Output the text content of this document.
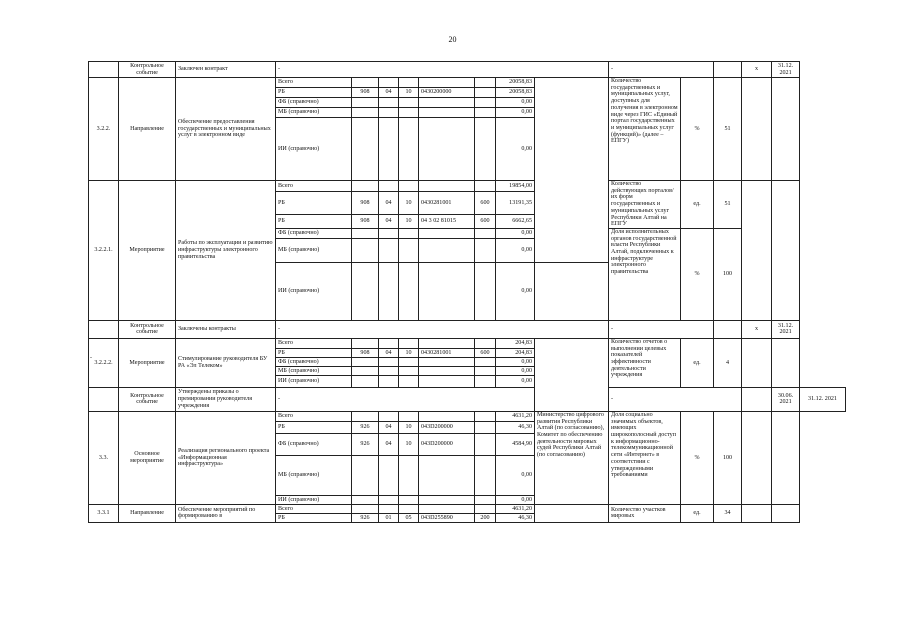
20
	Контрольное событие	Заключен контракт	-								-			х	31.12. 2021	
3.2.2.	Направление	Обеспечение предоставления государственных и муниципальных услуг в электронном виде	Всего						20058,83		Количество государственных и муниципальных услуг, доступных для получения в электронном виде через ГИС «Единый портал государственных и муниципальных услуг (функций)» (далее – ЕПГУ)	%	51			
			РБ	908	04	10	0430200000		20058,83							
			ФБ (справочно)						0,00							
			МБ (справочно)						0,00							
			ИИ (справочно)						0,00							
3.2.2.1.	Мероприятие	Работы по эксплуатации и развитию инфраструктуры электронного правительства	Всего						19854,00		Количество действующих порталов/их форм государственных и муниципальных услуг Республики Алтай на ЕПГУ	ед.	51			
			РБ	908	04	10	0430281001	600	13191,35							
			РБ	908	04	10	04 3 02 81015	600	6662,65							
			ФБ (справочно)						0,00		Доля исполнительных органов государственной власти Республики Алтай, подключенных к инфраструктуре электронного правительства	%	100			
			МБ (справочно)						0,00							
			ИИ (справочно)						0,00							
	Контрольное событие	Заключены контракты	-								-			х	31.12. 2021	
3.2.2.2.	Мероприятие	Стимулирование руководителя БУ РА «Эл Телеком»	Всего						204,83		Количество отчетов о выполнении целевых показателей эффективности деятельности учреждения	ед.	4			
			РБ	908	04	10	0430281001	600	204,83							
			ФБ (справочно)						0,00							
			МБ (справочно)						0,00							
			ИИ (справочно)						0,00							
	Контрольное событие	Утверждены приказы о премировании руководителя учреждения	-								-				30.06. 2021	31.12. 2021
3.3.	Основное мероприятие	Реализация регионального проекта «Информационная инфраструктура»	Всего						4631,20	Министерство цифрового развития Республики Алтай (по согласованию), Комитет по обеспечению деятельности мировых судей Республики Алтай (по согласованию)	Доля социально значимых объектов, имеющих широкополосный доступ к информационно-телекоммуникационной сети «Интернет» в соответствии с утвержденными требованиями	%	100			
			РБ	926	04	10	043D200000		46,30							
			ФБ (справочно)	926	04	10	043D200000		4584,90							
			МБ (справочно)						0,00							
			ИИ (справочно)						0,00							
3.3.1	Направление	Обеспечение мероприятий по формированию в	Всего						4631,20		Количество участков мировых	ед.	34			
			РБ	926	01	05	043D255890	200	46,30							
-
